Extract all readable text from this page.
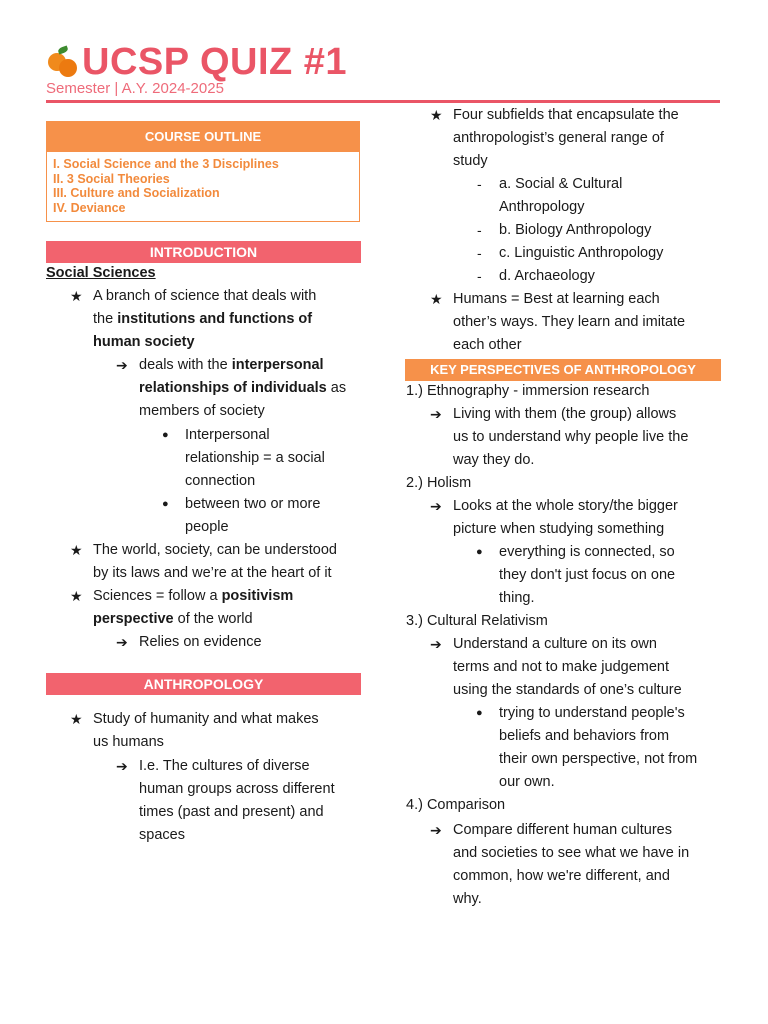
UCSP QUIZ #1
Semester | A.Y. 2024-2025
COURSE OUTLINE
I. Social Science and the 3 Disciplines
II. 3 Social Theories
III. Culture and Socialization
IV. Deviance
INTRODUCTION
Social Sciences
★ A branch of science that deals with
the institutions and functions of
human society
➔ deals with the interpersonal
relationships of individuals as
members of society
● Interpersonal
relationship = a social
connection
● between two or more
people
★ The world, society, can be understood
by its laws and we’re at the heart of it
★ Sciences = follow a positivism
perspective of the world
➔ Relies on evidence
ANTHROPOLOGY
★ Study of humanity and what makes
us humans
➔ I.e. The cultures of diverse
human groups across different
times (past and present) and
spaces
★ Four subfields that encapsulate the
anthropologist’s general range of
study
- a. Social & Cultural
Anthropology
- b. Biology Anthropology
- c. Linguistic Anthropology
- d. Archaeology
★ Humans = Best at learning each
other’s ways. They learn and imitate
each other
KEY PERSPECTIVES OF ANTHROPOLOGY
1.) Ethnography - immersion research
➔ Living with them (the group) allows
us to understand why people live the
way they do.
2.) Holism
➔ Looks at the whole story/the bigger
picture when studying something
● everything is connected, so
they don't just focus on one
thing.
3.) Cultural Relativism
➔ Understand a culture on its own
terms and not to make judgement
using the standards of one’s culture
● trying to understand people's
beliefs and behaviors from
their own perspective, not from
our own.
4.) Comparison
➔ Compare different human cultures
and societies to see what we have in
common, how we're different, and
why.
